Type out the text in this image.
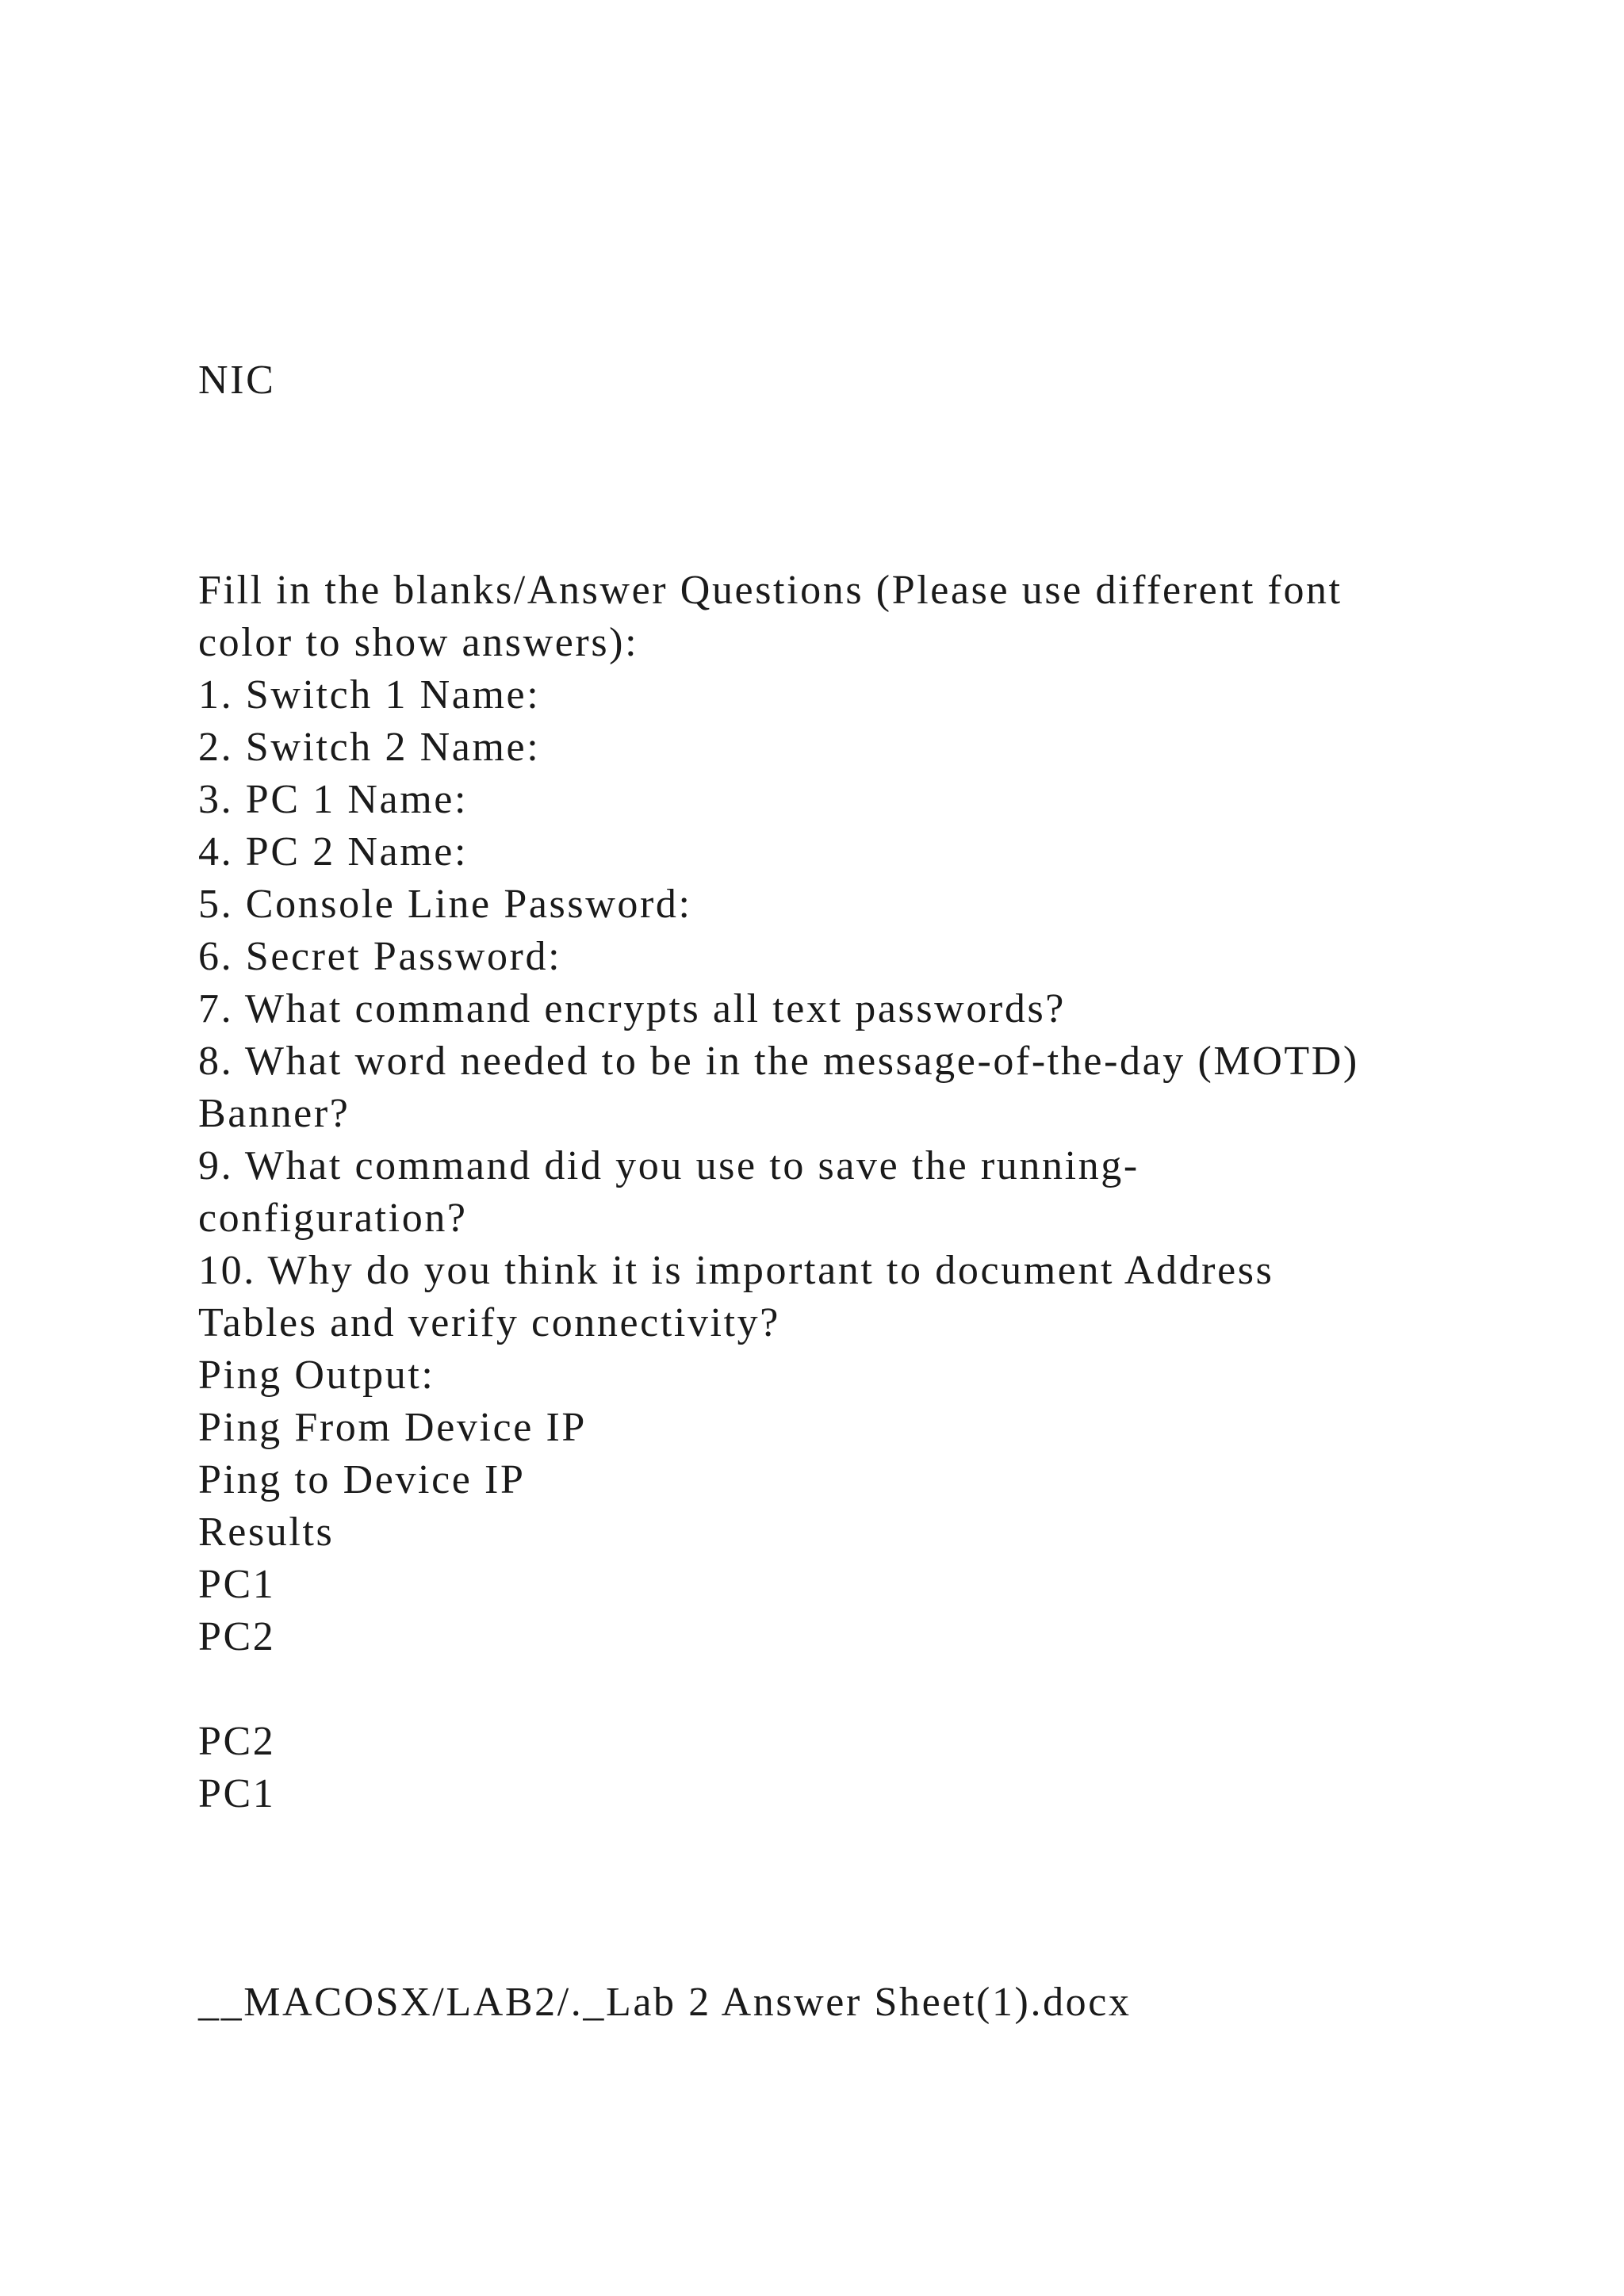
NIC
Fill in the blanks/Answer Questions (Please use different font
color to show answers):
1. Switch 1 Name:
2. Switch 2 Name:
3. PC 1 Name:
4. PC 2 Name:
5. Console Line Password:
6. Secret Password:
7. What command encrypts all text passwords?
8. What word needed to be in the message-of-the-day (MOTD)
Banner?
9. What command did you use to save the running-
configuration?
10. Why do you think it is important to document Address
Tables and verify connectivity?
Ping Output:
Ping From Device IP
Ping to Device IP
Results
PC1
PC2
PC2
PC1
__MACOSX/LAB2/._Lab 2 Answer Sheet(1).docx
